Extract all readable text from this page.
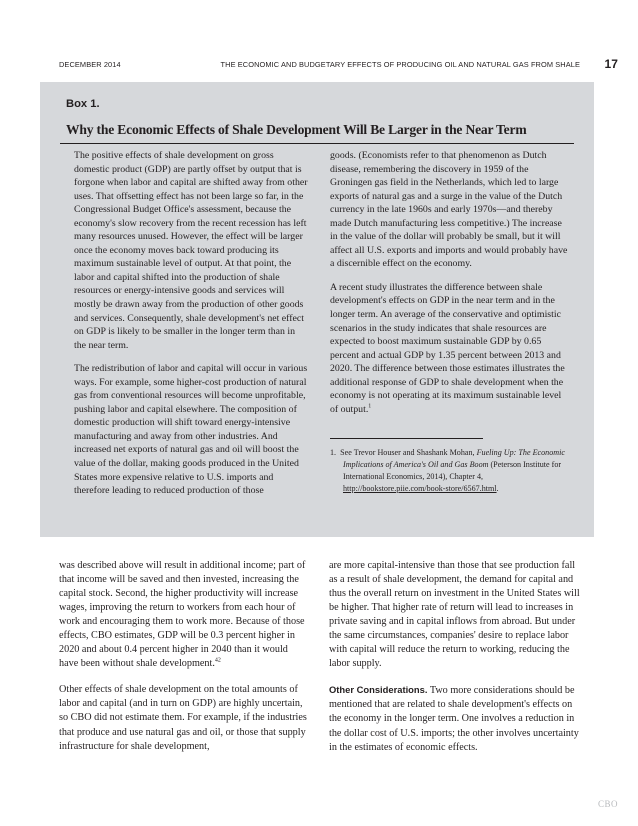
DECEMBER 2014	THE ECONOMIC AND BUDGETARY EFFECTS OF PRODUCING OIL AND NATURAL GAS FROM SHALE 17
Box 1.
Why the Economic Effects of Shale Development Will Be Larger in the Near Term

The positive effects of shale development on gross domestic product (GDP) are partly offset by output that is forgone when labor and capital are shifted away from other uses. That offsetting effect has not been large so far, in the Congressional Budget Office's assessment, because the economy's slow recovery from the recent recession has left many resources unused. However, the effect will be larger once the economy moves back toward producing its maximum sustainable level of output. At that point, the labor and capital shifted into the production of shale resources or energy-intensive goods and services will mostly be drawn away from the production of other goods and services. Consequently, shale development's net effect on GDP is likely to be smaller in the longer term than in the near term.

The redistribution of labor and capital will occur in various ways. For example, some higher-cost production of natural gas from conventional resources will become unprofitable, pushing labor and capital elsewhere. The composition of domestic production will shift toward energy-intensive manufacturing and away from other industries. And increased net exports of natural gas and oil will boost the value of the dollar, making goods produced in the United States more expensive relative to U.S. imports and therefore leading to reduced production of those

goods. (Economists refer to that phenomenon as Dutch disease, remembering the discovery in 1959 of the Groningen gas field in the Netherlands, which led to large exports of natural gas and a surge in the value of the Dutch currency in the late 1960s and early 1970s—and thereby made Dutch manufacturing less competitive.) The increase in the value of the dollar will probably be small, but it will affect all U.S. exports and imports and would probably have a discernible effect on the economy.

A recent study illustrates the difference between shale development's effects on GDP in the near term and in the longer term. An average of the conservative and optimistic scenarios in the study indicates that shale resources are expected to boost maximum sustainable GDP by 0.65 percent and actual GDP by 1.35 percent between 2013 and 2020. The difference between those estimates illustrates the additional response of GDP to shale development when the economy is not operating at its maximum sustainable level of output.$^1$

1. See Trevor Houser and Shashank Mohan, Fueling Up: The Economic Implications of America's Oil and Gas Boom (Peterson Institute for International Economics, 2014), Chapter 4, http://bookstore.piie.com/book-store/6567.html.

was described above will result in additional income; part of that income will be saved and then invested, increasing the capital stock. Second, the higher productivity will increase wages, improving the return to workers from each hour of work and encouraging them to work more. Because of those effects, CBO estimates, GDP will be 0.3 percent higher in 2020 and about 0.4 percent higher in 2040 than it would have been without shale development.$^{42}$

Other effects of shale development on the total amounts of labor and capital (and in turn on GDP) are highly uncertain, so CBO did not estimate them. For example, if the industries that produce and use natural gas and oil, or those that supply infrastructure for shale development,

are more capital-intensive than those that see production fall as a result of shale development, the demand for capital and thus the overall return on investment in the United States will be higher. That higher rate of return will lead to increases in private saving and in capital inflows from abroad. But under the same circumstances, companies' desire to replace labor with capital will reduce the return to working, reducing the labor supply.

Other Considerations. Two more considerations should be mentioned that are related to shale development's effects on the economy in the longer term. One involves a reduction in the dollar cost of U.S. imports; the other involves uncertainty in the estimates of economic effects.

CBO
